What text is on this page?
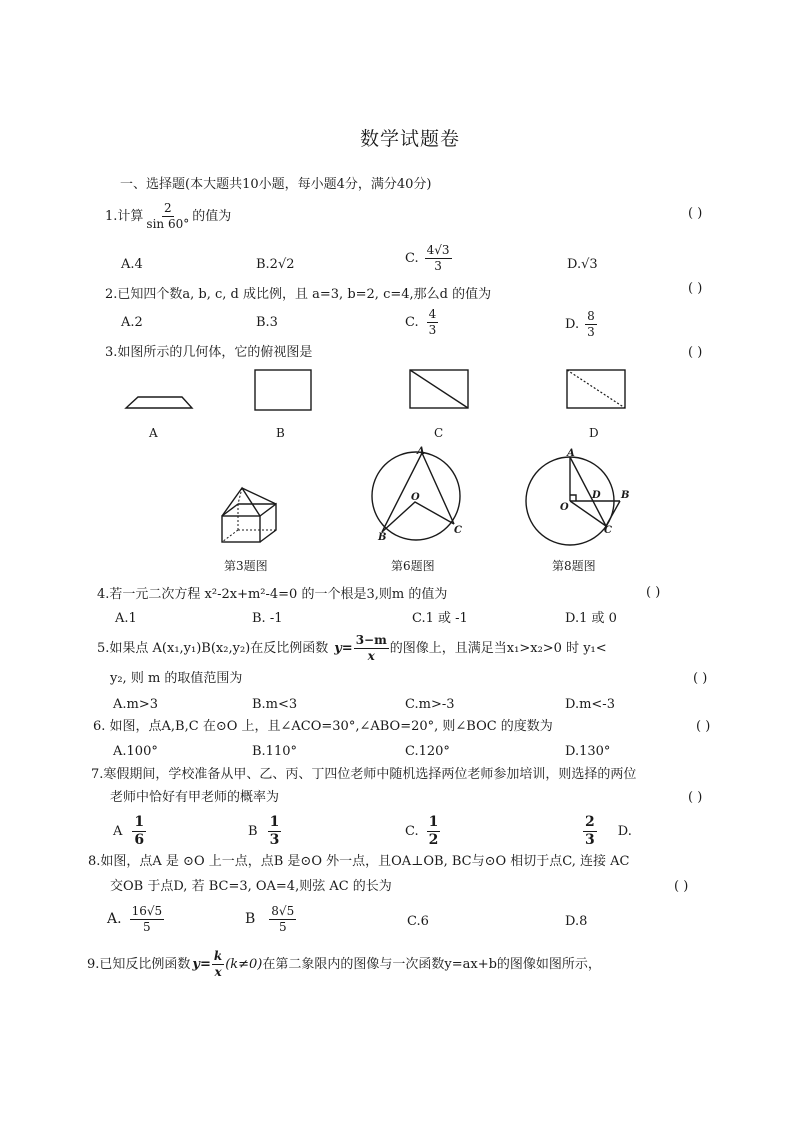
数学试题卷
一、选择题(本大题共10小题，每小题4分，满分40分)
1.计算 $\frac{2}{\sin 60^\circ}$ 的值为	( )
A.4	B.2√2	C. $\frac{4√3}{3}$	D.√3
2.已知四个数a, b, c, d 成比例，且 a=3, b=2, c=4,那么d 的值为	( )
A.2	B.3	C. $\frac{4}{3}$	D. $\frac{8}{3}$
3.如图所示的几何体，它的俯视图是	( )
A	B	C	D
第3题图
A
O
B
C
第6题图
A
O
D B
C
第8题图
4.若一元二次方程 x²-2x+m²-4=0 的一个根是3,则m 的值为	( )
A.1	B. -1	C.1 或 -1	D.1 或 0
5.如果点 A(x₁,y₁)B(x₂,y₂)在反比例函数 $y= \frac{3-m}{x}$ 的图像上，且满足当x₁>x₂>0 时 y₁<
y₂, 则 m 的取值范围为	( )
A.m>3	B.m<3	C.m>-3	D.m<-3
6. 如图，点A,B,C 在⊙O 上，且∠ACO=30°,∠ABO=20°, 则∠BOC 的度数为	( )
A.100°	B.110°	C.120°	D.130°
7.寒假期间，学校准备从甲、乙、丙、丁四位老师中随机选择两位老师参加培训，则选择的两位
老师中恰好有甲老师的概率为	( )
A $\frac{1}{6}$	B $\frac{1}{3}$	C. $\frac{1}{2}$	$\frac{2}{3} D$.
8.如图，点A 是 ⊙O 上一点，点B 是⊙O 外一点，且OA⊥OB, BC与⊙O 相切于点C, 连接 AC
交OB 于点D, 若 BC=3, OA=4,则弦 AC 的长为	( )
A. $\frac{16√5}{5}$	B $\frac{8√5}{5}$	C.6	D.8
9.已知反比例函数 $y= \frac{k}{x} (k\ne 0)$ 在第二象限内的图像与一次函数y=ax+b的图像如图所示，
